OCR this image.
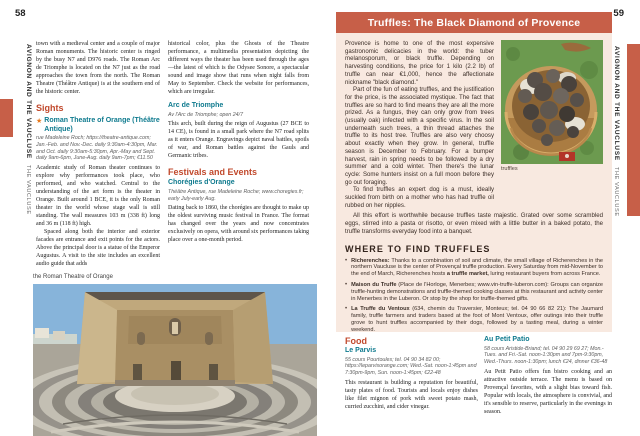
58
AVIGNON AND THE VAUCLUSE THE VAUCLUSE

town with a medieval center and a couple of major Roman monuments. The historic center is ringed by the busy N7 and D976 roads. The Roman Arc de Triomphe is located on the N7 just as the road approaches the town from the north. The Roman Theatre (Théâtre Antique) is at the southern end of the historic center.

Sights
★ Roman Theatre of Orange (Théâtre Antique)

rue Madeleine Roch; https://theatre-antique.com; Jan.-Feb. and Nov.-Dec. daily 9:30am-4:30pm, Mar. and Oct. daily 9:30am-5:30pm, Apr.-May and Sept. daily 9am-6pm, June-Aug. daily 9am-7pm; €11.50

Academic study of Roman theater continues to explore why performances took place, who performed, and who watched. Central to the understanding of the art form is the theater in Orange. Built around 1 BCE, it is the only Roman theater in the world whose stage wall is still standing. The wall measures 103 m (338 ft) long and 36 m (118 ft) high.

Spaced along both the interior and exterior facades are entrance and exit points for the actors. Above the principal door is a statue of the Emperor Augustus. A visit to the site includes an excellent audio guide that adds

historical color, plus the Ghosts of the Theatre performance, a multimedia presentation depicting the different ways the theater has been used through the ages—the latest of which is the Odysee Sonore, a spectacular sound and image show that runs when night falls from May to September. Check the website for performances, which are irregular.

Arc de Triomphe

Av l'Arc de Triomphe; open 24/7

This arch, built during the reign of Augustus (27 BCE to 14 CE), is found in a small park where the N7 road splits as it enters Orange. Engravings depict naval battles, spoils of war, and Roman battles against the Gauls and Germanic tribes.

Festivals and Events
Chorégies d'Orange

Théâtre Antique, rue Madeleine Roche; www.choregies.fr; early July-early Aug.

Dating back to 1860, the chorégies are thought to make up the oldest surviving music festival in France. The format has changed over the years and now concentrates exclusively on opera, with around six performances taking place over a one-month period.

the Roman Theatre of Orange
59
AVIGNON AND THE VAUCLUSE THE VAUCLUSE
Truffles: The Black Diamond of Provence

Provence is home to one of the most expensive gastronomic delicacies in the world: the tuber melanosporum, or black truffle. Depending on harvesting conditions, the price for 1 kilo (2.2 lb) of truffle can near €1,000, hence the affectionate nickname "black diamond."

Part of the fun of eating truffles, and the justification for the price, is the associated mystique. The fact that truffles are so hard to find means they are all the more prized. As a fungus, they can only grow from trees (usually oak) infected with a specific virus. In the soil underneath such trees, a thin thread attaches the truffle to its host tree. Truffles are also very choosy about exactly when they grow. In general, truffle season is December to February. For a bumper harvest, rain in spring needs to be followed by a dry summer and a cold winter. Then there's the lunar cycle: Some hunters insist on a full moon before they go out foraging.

To find truffles an expert dog is a must, ideally suckled from birth on a mother who has had truffle oil rubbed on her nipples.

truffles

All this effort is worthwhile because truffles taste majestic. Grated over some scrambled eggs, stirred into a pasta or risotto, or even mixed with a little butter in a baked potato, the truffle transforms everyday food into a banquet.

WHERE TO FIND TRUFFLES
• Richerenches: Thanks to a combination of soil and climate, the small village of Richerenches in the northern Vaucluse is the center of Provençal truffle production. Every Saturday from mid-November to the end of March, Richerenches hosts a truffle market, luring restaurant buyers from across France.
• Maison du Truffe (Place de l'Horloge, Menerbes; www.vin-truffe-luberon.com): Groups can organize truffle-hunting demonstrations and truffle-themed cooking classes at this restaurant and activity center in Menerbes in the Luberon. Or stop by the shop for truffle-themed gifts.
• La Truffe du Ventoux (634, chemin du Traversier, Monteux; tel. 04 90 66 82 21): The Jaumard family, truffle farmers and traders based at the foot of Mont Ventoux, offer outings into their truffle grove to hunt truffles accompanied by their dogs, followed by a tasting meal, during a winter weekend.
Food
Le Parvis

55 cours Pourtoules; tel. 04 90 34 82 00; https://leparvisorange.com; Wed.-Sat. noon-1:45pm and 7:30pm-9pm, Sun. noon-1:45pm; €22-48

This restaurant is building a reputation for beautiful, tasty plates of food. Tourists and locals enjoy dishes like filet mignon of pork with sweet potato mash, curried zucchini, and cider vinegar.

Au Petit Patio

58 cours Aristide-Briand; tel. 04 90 29 69 27; Mon.-Tues. and Fri.-Sat. noon-1:30pm and 7pm-9:30pm, Wed.-Thurs. noon-1:30pm; lunch €24, dinner €36-48

Au Petit Patio offers fun bistro cooking and an attractive outside terrace. The menu is based on Provençal favorites, with a slight bias toward fish. Popular with locals, the atmosphere is convivial, and it's sensible to reserve, particularly in the evenings in season.
